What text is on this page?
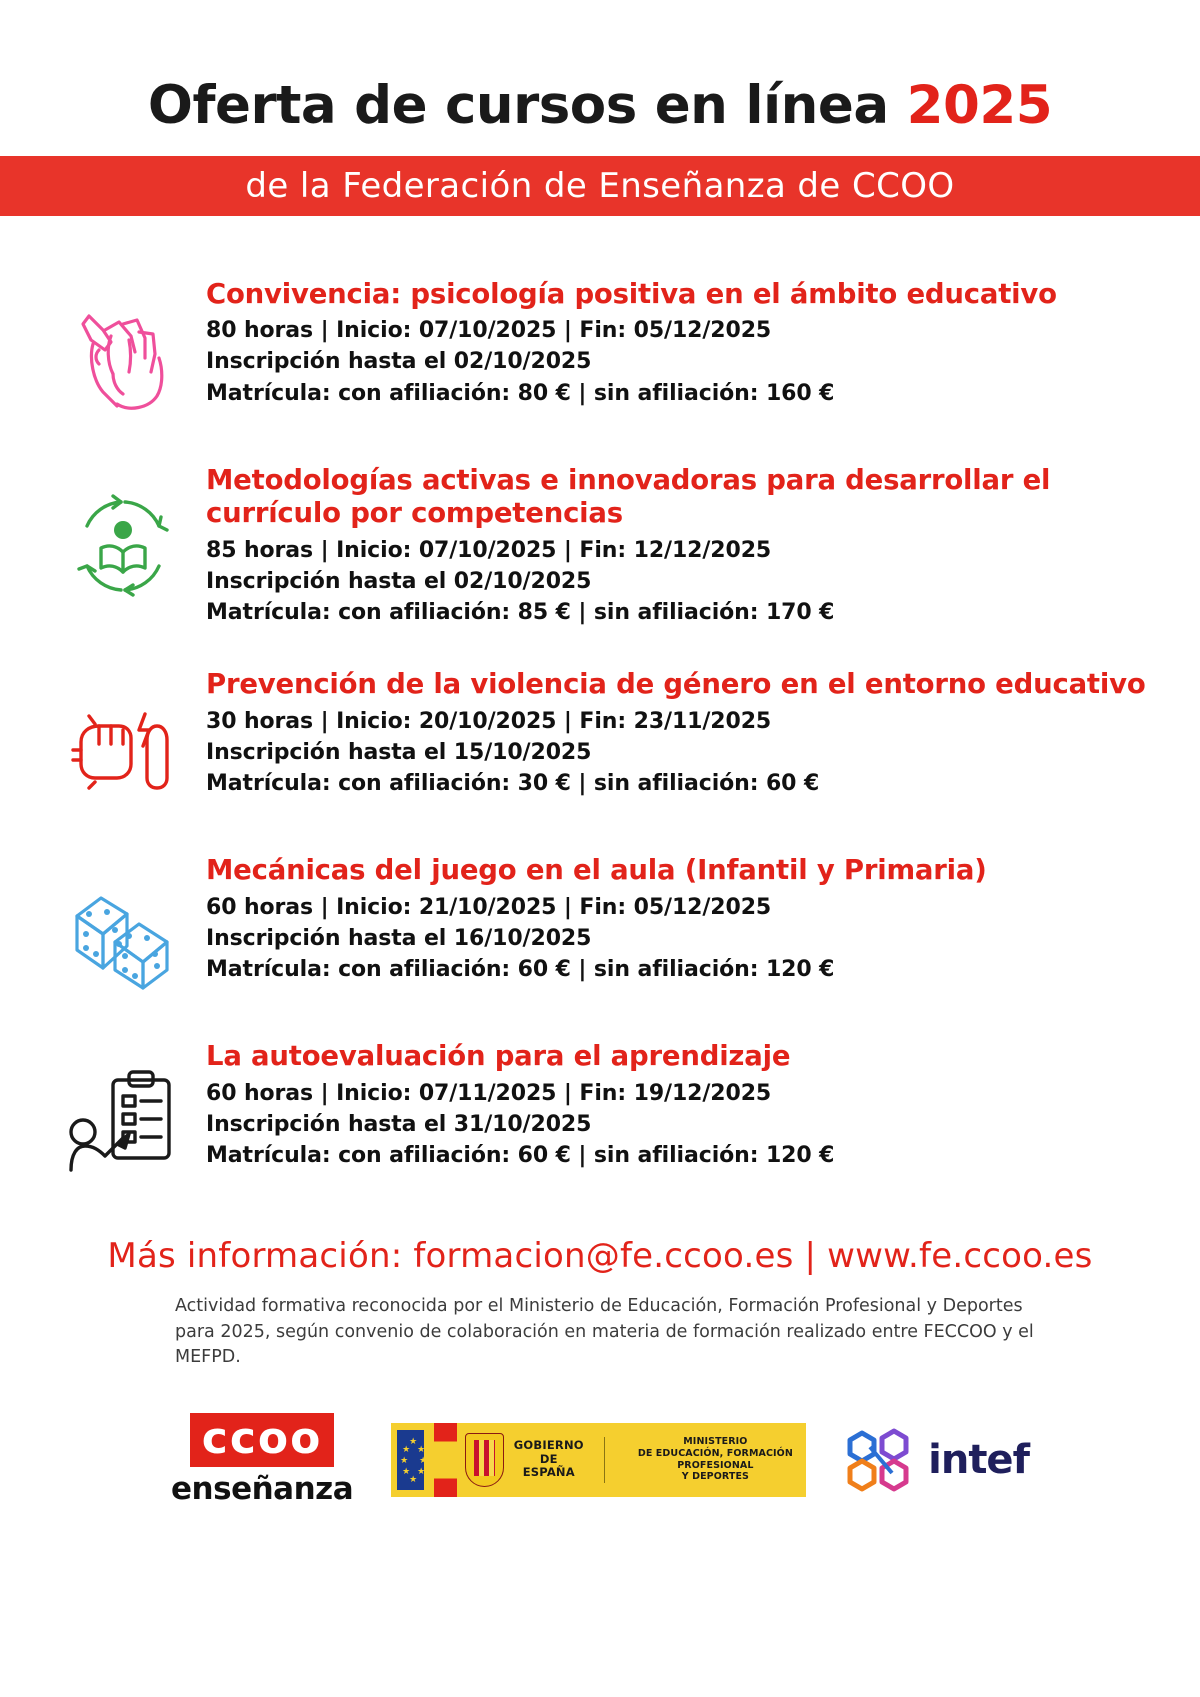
Oferta de cursos en línea 2025
de la Federación de Enseñanza de CCOO
Convivencia: psicología positiva en el ámbito educativo
80 horas | Inicio: 07/10/2025 | Fin: 05/12/2025
Inscripción hasta el 02/10/2025
Matrícula: con afiliación: 80 € | sin afiliación: 160 €
Metodologías activas e innovadoras para desarrollar el currículo por competencias
85 horas | Inicio: 07/10/2025 | Fin: 12/12/2025
Inscripción hasta el 02/10/2025
Matrícula: con afiliación: 85 € | sin afiliación: 170 €
Prevención de la violencia de género en el entorno educativo
30 horas | Inicio: 20/10/2025 | Fin: 23/11/2025
Inscripción hasta el 15/10/2025
Matrícula: con afiliación: 30 € | sin afiliación: 60 €
Mecánicas del juego en el aula (Infantil y Primaria)
60 horas | Inicio: 21/10/2025 | Fin: 05/12/2025
Inscripción hasta el 16/10/2025
Matrícula: con afiliación: 60 € | sin afiliación: 120 €
La autoevaluación para el aprendizaje
60 horas | Inicio: 07/11/2025 | Fin: 19/12/2025
Inscripción hasta el 31/10/2025
Matrícula: con afiliación: 60 € | sin afiliación: 120 €
Más información: formacion@fe.ccoo.es | www.fe.ccoo.es
Actividad formativa reconocida por el Ministerio de Educación, Formación Profesional y Deportes para 2025, según convenio de colaboración en materia de formación realizado entre FECCOO y el MEFPD.
ccoo
enseñanza
★
★
★
★
★
★
★
★	GOBIERNO
DE ESPAÑA
MINISTERIO
DE EDUCACIÓN, FORMACIÓN PROFESIONAL
Y DEPORTES	intef
